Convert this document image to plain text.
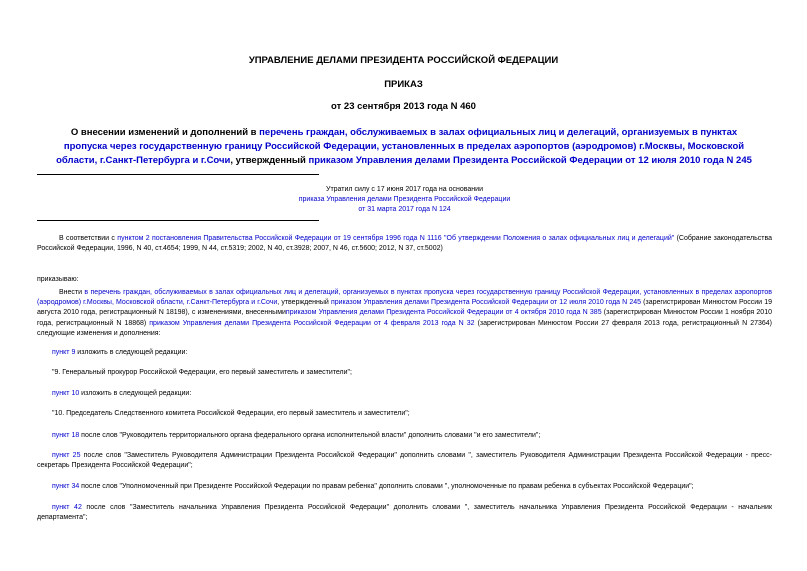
УПРАВЛЕНИЕ ДЕЛАМИ ПРЕЗИДЕНТА РОССИЙСКОЙ ФЕДЕРАЦИИ
ПРИКАЗ
от 23 сентября 2013 года N 460
О внесении изменений и дополнений в перечень граждан, обслуживаемых в залах официальных лиц и делегаций, организуемых в пунктах пропуска через государственную границу Российской Федерации, установленных в пределах аэропортов (аэродромов) г.Москвы, Московской области, г.Санкт-Петербурга и г.Сочи, утвержденный приказом Управления делами Президента Российской Федерации от 12 июля 2010 года N 245
Утратил силу с 17 июня 2017 года на основании
приказа Управления делами Президента Российской Федерации
от 31 марта 2017 года N 124
В соответствии с пунктом 2 постановления Правительства Российской Федерации от 19 сентября 1996 года N 1116 "Об утверждении Положения о залах официальных лиц и делегаций" (Собрание законодательства Российской Федерации, 1996, N 40, ст.4654; 1999, N 44, ст.5319; 2002, N 40, ст.3928; 2007, N 46, ст.5600; 2012, N 37, ст.5002)
приказываю:
Внести в перечень граждан, обслуживаемых в залах официальных лиц и делегаций, организуемых в пунктах пропуска через государственную границу Российской Федерации, установленных в пределах аэропортов (аэродромов) г.Москвы, Московской области, г.Санкт-Петербурга и г.Сочи, утвержденный приказом Управления делами Президента Российской Федерации от 12 июля 2010 года N 245 (зарегистрирован Минюстом России 19 августа 2010 года, регистрационный N 18198), с изменениями, внесеннымиприказом Управления делами Президента Российской Федерации от 4 октября 2010 года N 385 (зарегистрирован Минюстом России 1 ноября 2010 года, регистрационный N 18868) приказом Управления делами Президента Российской Федерации от 4 февраля 2013 года N 32 (зарегистрирован Минюстом России 27 февраля 2013 года, регистрационный N 27364) следующие изменения и дополнения:
пункт 9 изложить в следующей редакции:
"9. Генеральный прокурор Российской Федерации, его первый заместитель и заместители";
пункт 10 изложить в следующей редакции:
"10. Председатель Следственного комитета Российской Федерации, его первый заместитель и заместители";
пункт 18 после слов "Руководитель территориального органа федерального органа исполнительной власти" дополнить словами "и его заместители";
пункт 25 после слов "Заместитель Руководителя Администрации Президента Российской Федерации" дополнить словами ", заместитель Руководителя Администрации Президента Российской Федерации - пресс-секретарь Президента Российской Федерации";
пункт 34 после слов "Уполномоченный при Президенте Российской Федерации по правам ребенка" дополнить словами ", уполномоченные по правам ребенка в субъектах Российской Федерации";
пункт 42 после слов "Заместитель начальника Управления Президента Российской Федерации" дополнить словами ", заместитель начальника Управления Президента Российской Федерации - начальник департамента";
